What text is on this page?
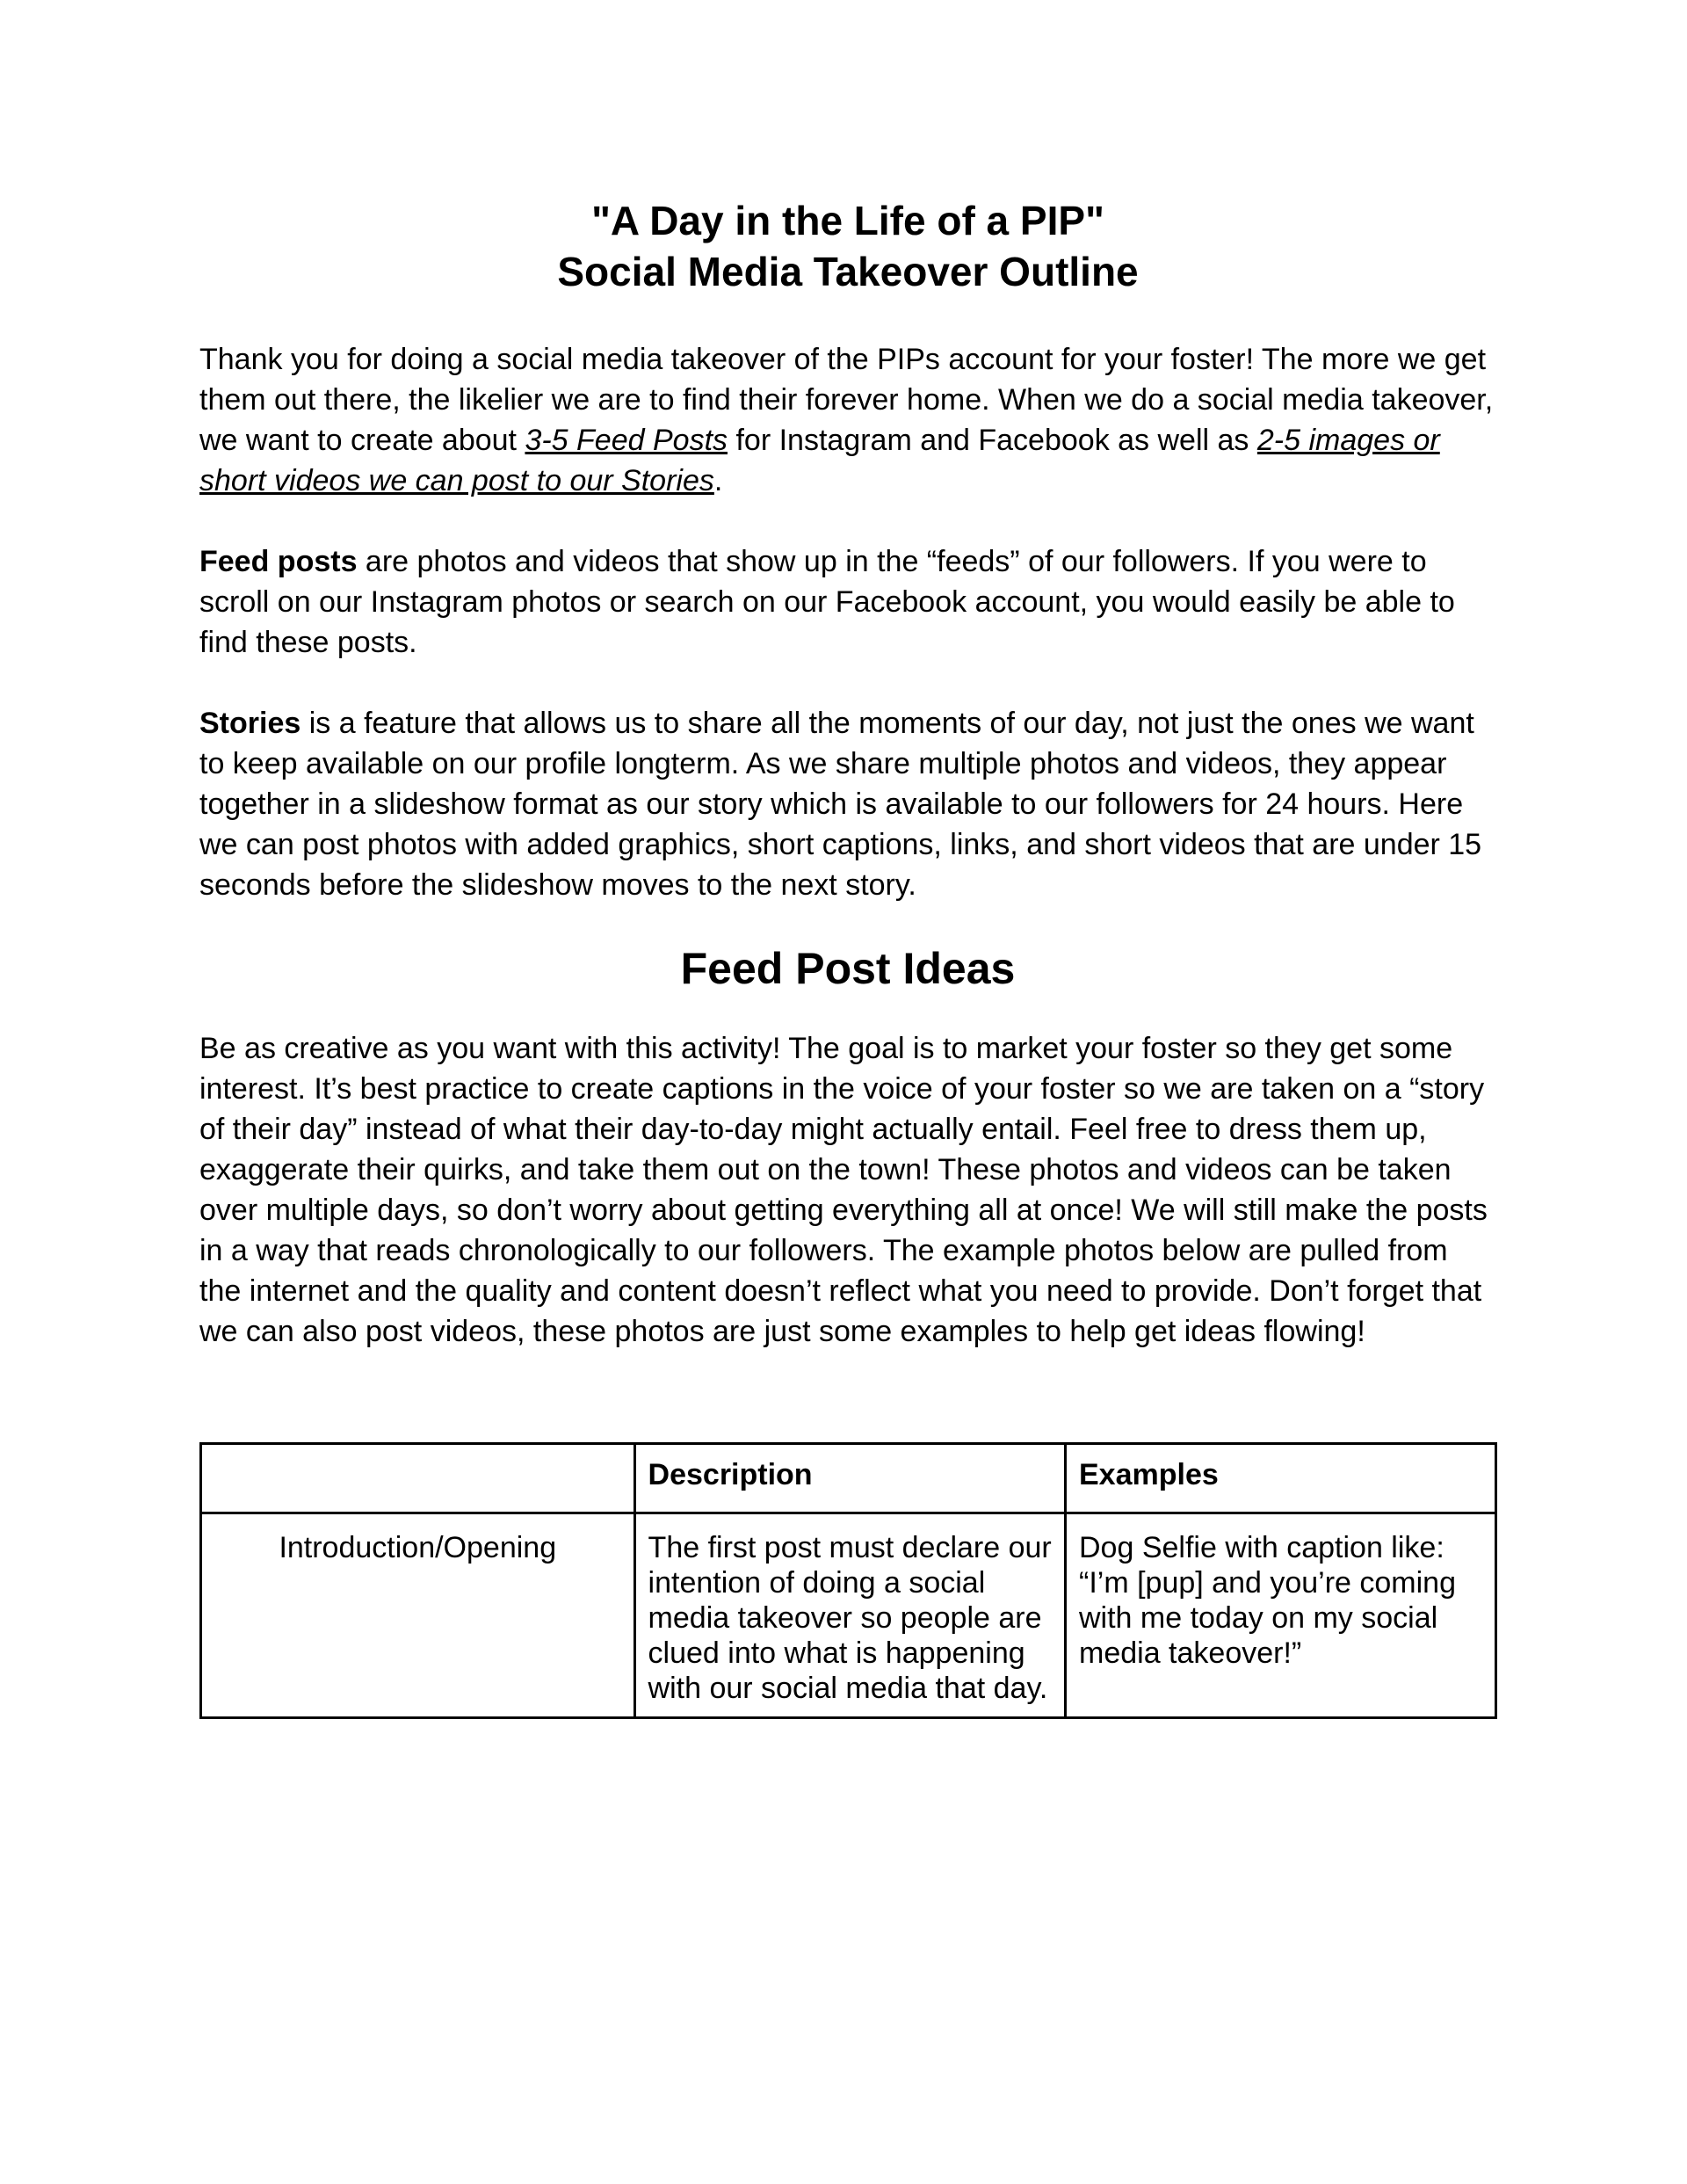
"A Day in the Life of a PIP"
Social Media Takeover Outline

Thank you for doing a social media takeover of the PIPs account for your foster! The more we get them out there, the likelier we are to find their forever home. When we do a social media takeover, we want to create about 3-5 Feed Posts for Instagram and Facebook as well as 2-5 images or short videos we can post to our Stories.

Feed posts are photos and videos that show up in the “feeds” of our followers. If you were to scroll on our Instagram photos or search on our Facebook account, you would easily be able to find these posts.

Stories is a feature that allows us to share all the moments of our day, not just the ones we want to keep available on our profile longterm. As we share multiple photos and videos, they appear together in a slideshow format as our story which is available to our followers for 24 hours. Here we can post photos with added graphics, short captions, links, and short videos that are under 15 seconds before the slideshow moves to the next story.

Feed Post Ideas

Be as creative as you want with this activity! The goal is to market your foster so they get some interest. It’s best practice to create captions in the voice of your foster so we are taken on a “story of their day” instead of what their day-to-day might actually entail. Feel free to dress them up, exaggerate their quirks, and take them out on the town! These photos and videos can be taken over multiple days, so don’t worry about getting everything all at once! We will still make the posts in a way that reads chronologically to our followers. The example photos below are pulled from the internet and the quality and content doesn’t reflect what you need to provide. Don’t forget that we can also post videos, these photos are just some examples to help get ideas flowing!

	Description	Examples
Introduction/Opening	The first post must declare our intention of doing a social media takeover so people are clued into what is happening with our social media that day.	Dog Selfie with caption like: “I’m [pup] and you’re coming with me today on my social media takeover!”
